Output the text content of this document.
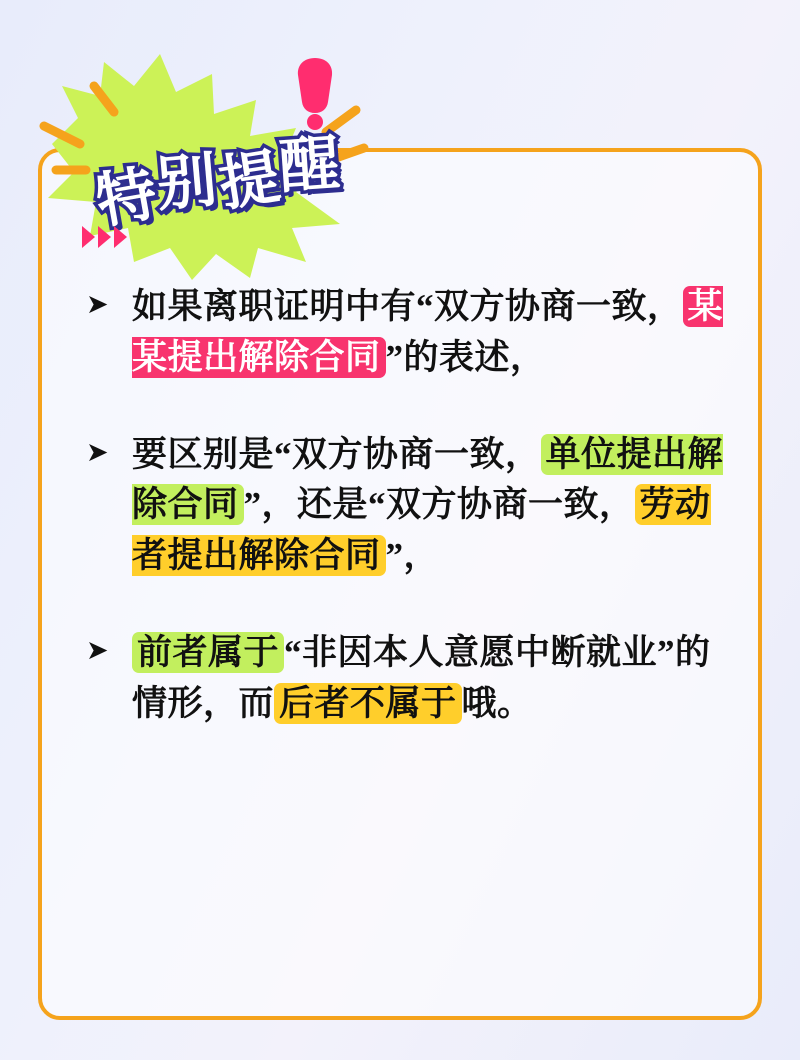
特别提醒
➤ 如果离职证明中有“双方协商一致， 某某提出解除合同 ”的表述，
➤ 要区别是“双方协商一致， 单位提出解除合同 ”，还是“双方协商一致， 劳动者提出解除合同 ”，
➤ 前者属于 “非因本人意愿中断就业”的情形，而 后者不属于 哦。
